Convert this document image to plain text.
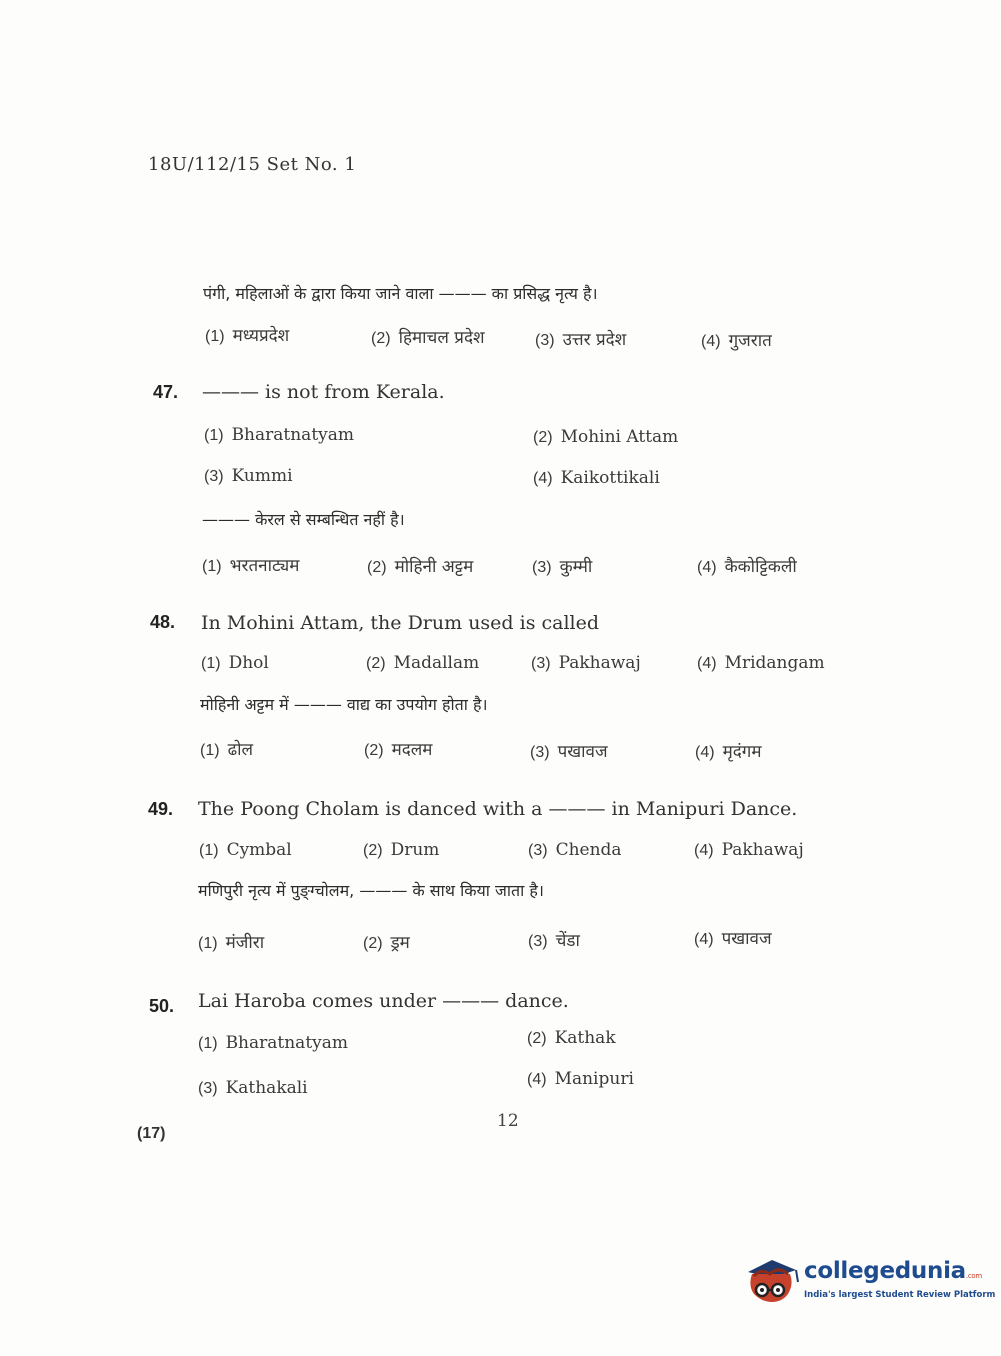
18U/112/15 Set No. 1
पंगी, महिलाओं के द्वारा किया जाने वाला ——— का प्रसिद्ध नृत्य है।
(1) मध्यप्रदेश	(2) हिमाचल प्रदेश	(3) उत्तर प्रदेश	(4) गुजरात
47. ——— is not from Kerala.
(1) Bharatnatyam	(2) Mohini Attam
(3) Kummi	(4) Kaikottikali
——— केरल से सम्बन्धित नहीं है।
(1) भरतनाट्यम	(2) मोहिनी अट्टम	(3) कुम्मी	(4) कैकोट्टिकली
48. In Mohini Attam, the Drum used is called
(1) Dhol	(2) Madallam	(3) Pakhawaj	(4) Mridangam
मोहिनी अट्टम में ——— वाद्य का उपयोग होता है।
(1) ढोल	(2) मदलम	(3) पखावज	(4) मृदंगम
49. The Poong Cholam is danced with a ——— in Manipuri Dance.
(1) Cymbal	(2) Drum	(3) Chenda	(4) Pakhawaj
मणिपुरी नृत्य में पुङ्ग्चोलम, ——— के साथ किया जाता है।
(1) मंजीरा	(2) ड्रम	(3) चेंडा	(4) पखावज
50. Lai Haroba comes under ——— dance.
(1) Bharatnatyam	(2) Kathak
(3) Kathakali	(4) Manipuri
12
(17)
collegedunia.com
India's largest Student Review Platform
